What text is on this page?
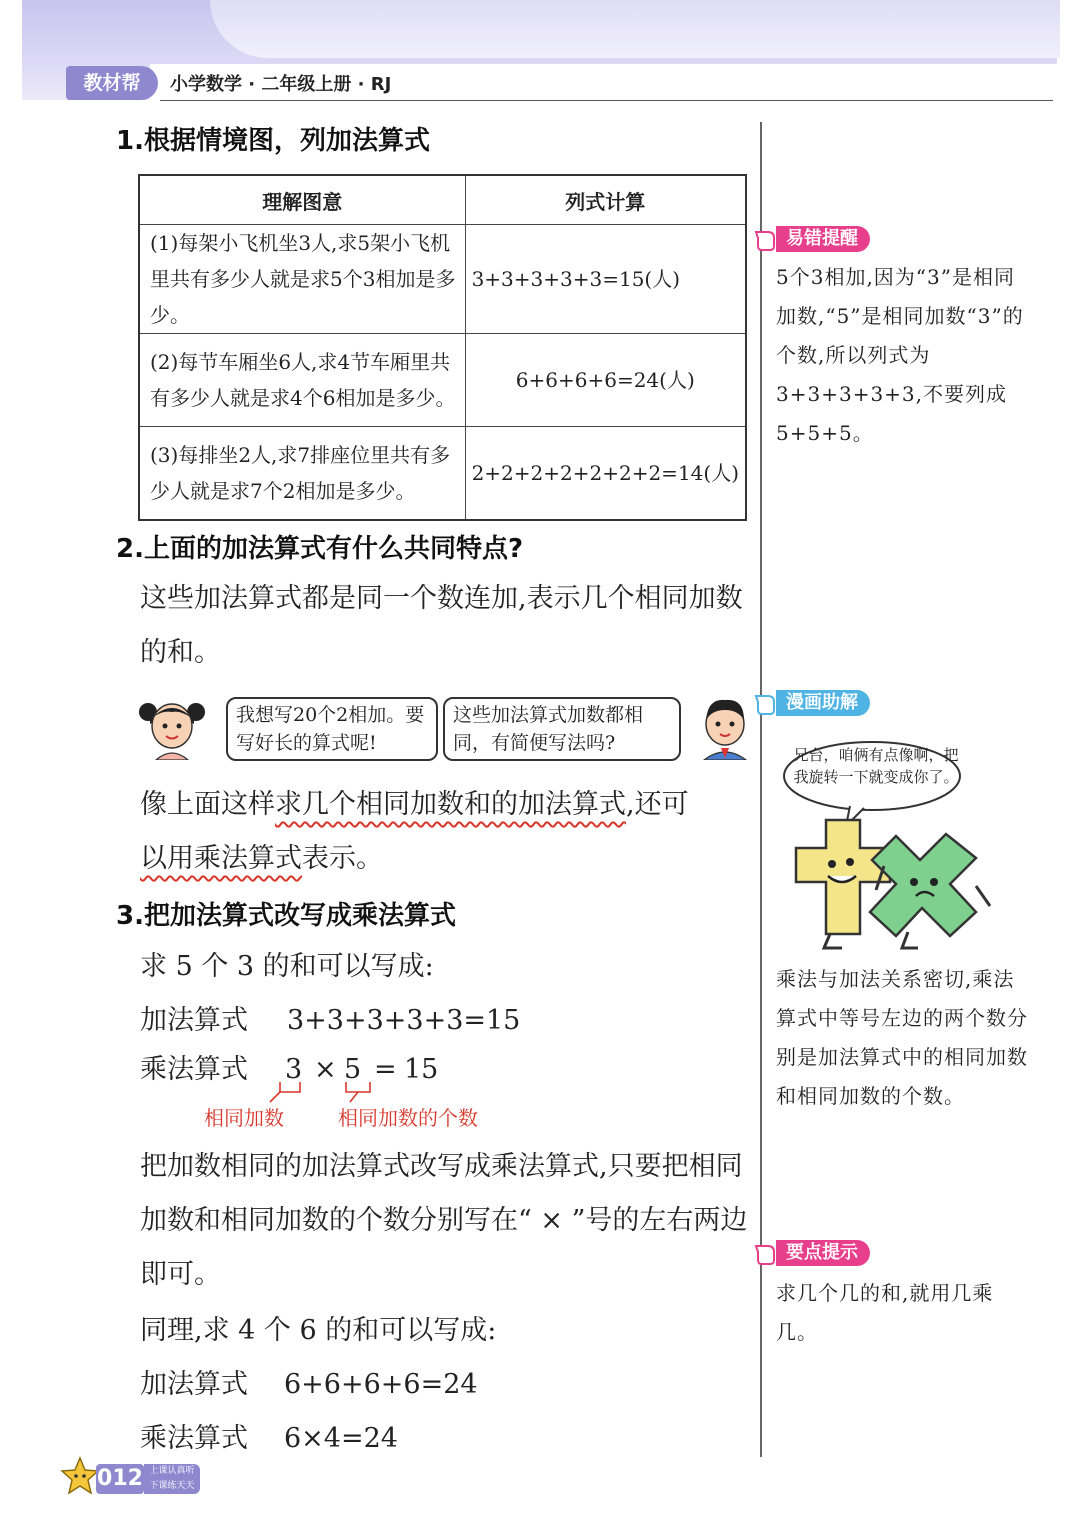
教材帮	小学数学 · 二年级上册 · RJ
1.根据情境图，列加法算式
理解图意	列式计算
(1)每架小飞机坐3人,求5架小飞机里共有多少人就是求5个3相加是多少。	3+3+3+3+3=15(人)
(2)每节车厢坐6人,求4节车厢里共有多少人就是求4个6相加是多少。	6+6+6+6=24(人)
(3)每排坐2人,求7排座位里共有多少人就是求7个2相加是多少。	2+2+2+2+2+2+2=14(人)
2.上面的加法算式有什么共同特点?
这些加法算式都是同一个数连加,表示几个相同加数的和。
我想写20个2相加。要写好长的算式呢!
这些加法算式加数都相同，有简便写法吗?
像上面这样求几个相同加数和的加法算式,还可
以用乘法算式表示。
3.把加法算式改写成乘法算式
求 5 个 3 的和可以写成:
加法算式 3+3+3+3+3=15
乘法算式 3 × 5 = 15
相同加数	相同加数的个数
把加数相同的加法算式改写成乘法算式,只要把相同加数和相同加数的个数分别写在“ × ”号的左右两边即可。
同理,求 4 个 6 的和可以写成:
加法算式 6+6+6+6=24
乘法算式 6×4=24
易错提醒
5个3相加,因为“3”是相同加数,“5”是相同加数“3”的个数,所以列式为3+3+3+3+3,不要列成5+5+5。
漫画助解
兄台，咱俩有点像啊，把我旋转一下就变成你了。
乘法与加法关系密切,乘法算式中等号左边的两个数分别是加法算式中的相同加数和相同加数的个数。
要点提示
求几个几的和,就用几乘几。
012 上课认真听
下课练天天
